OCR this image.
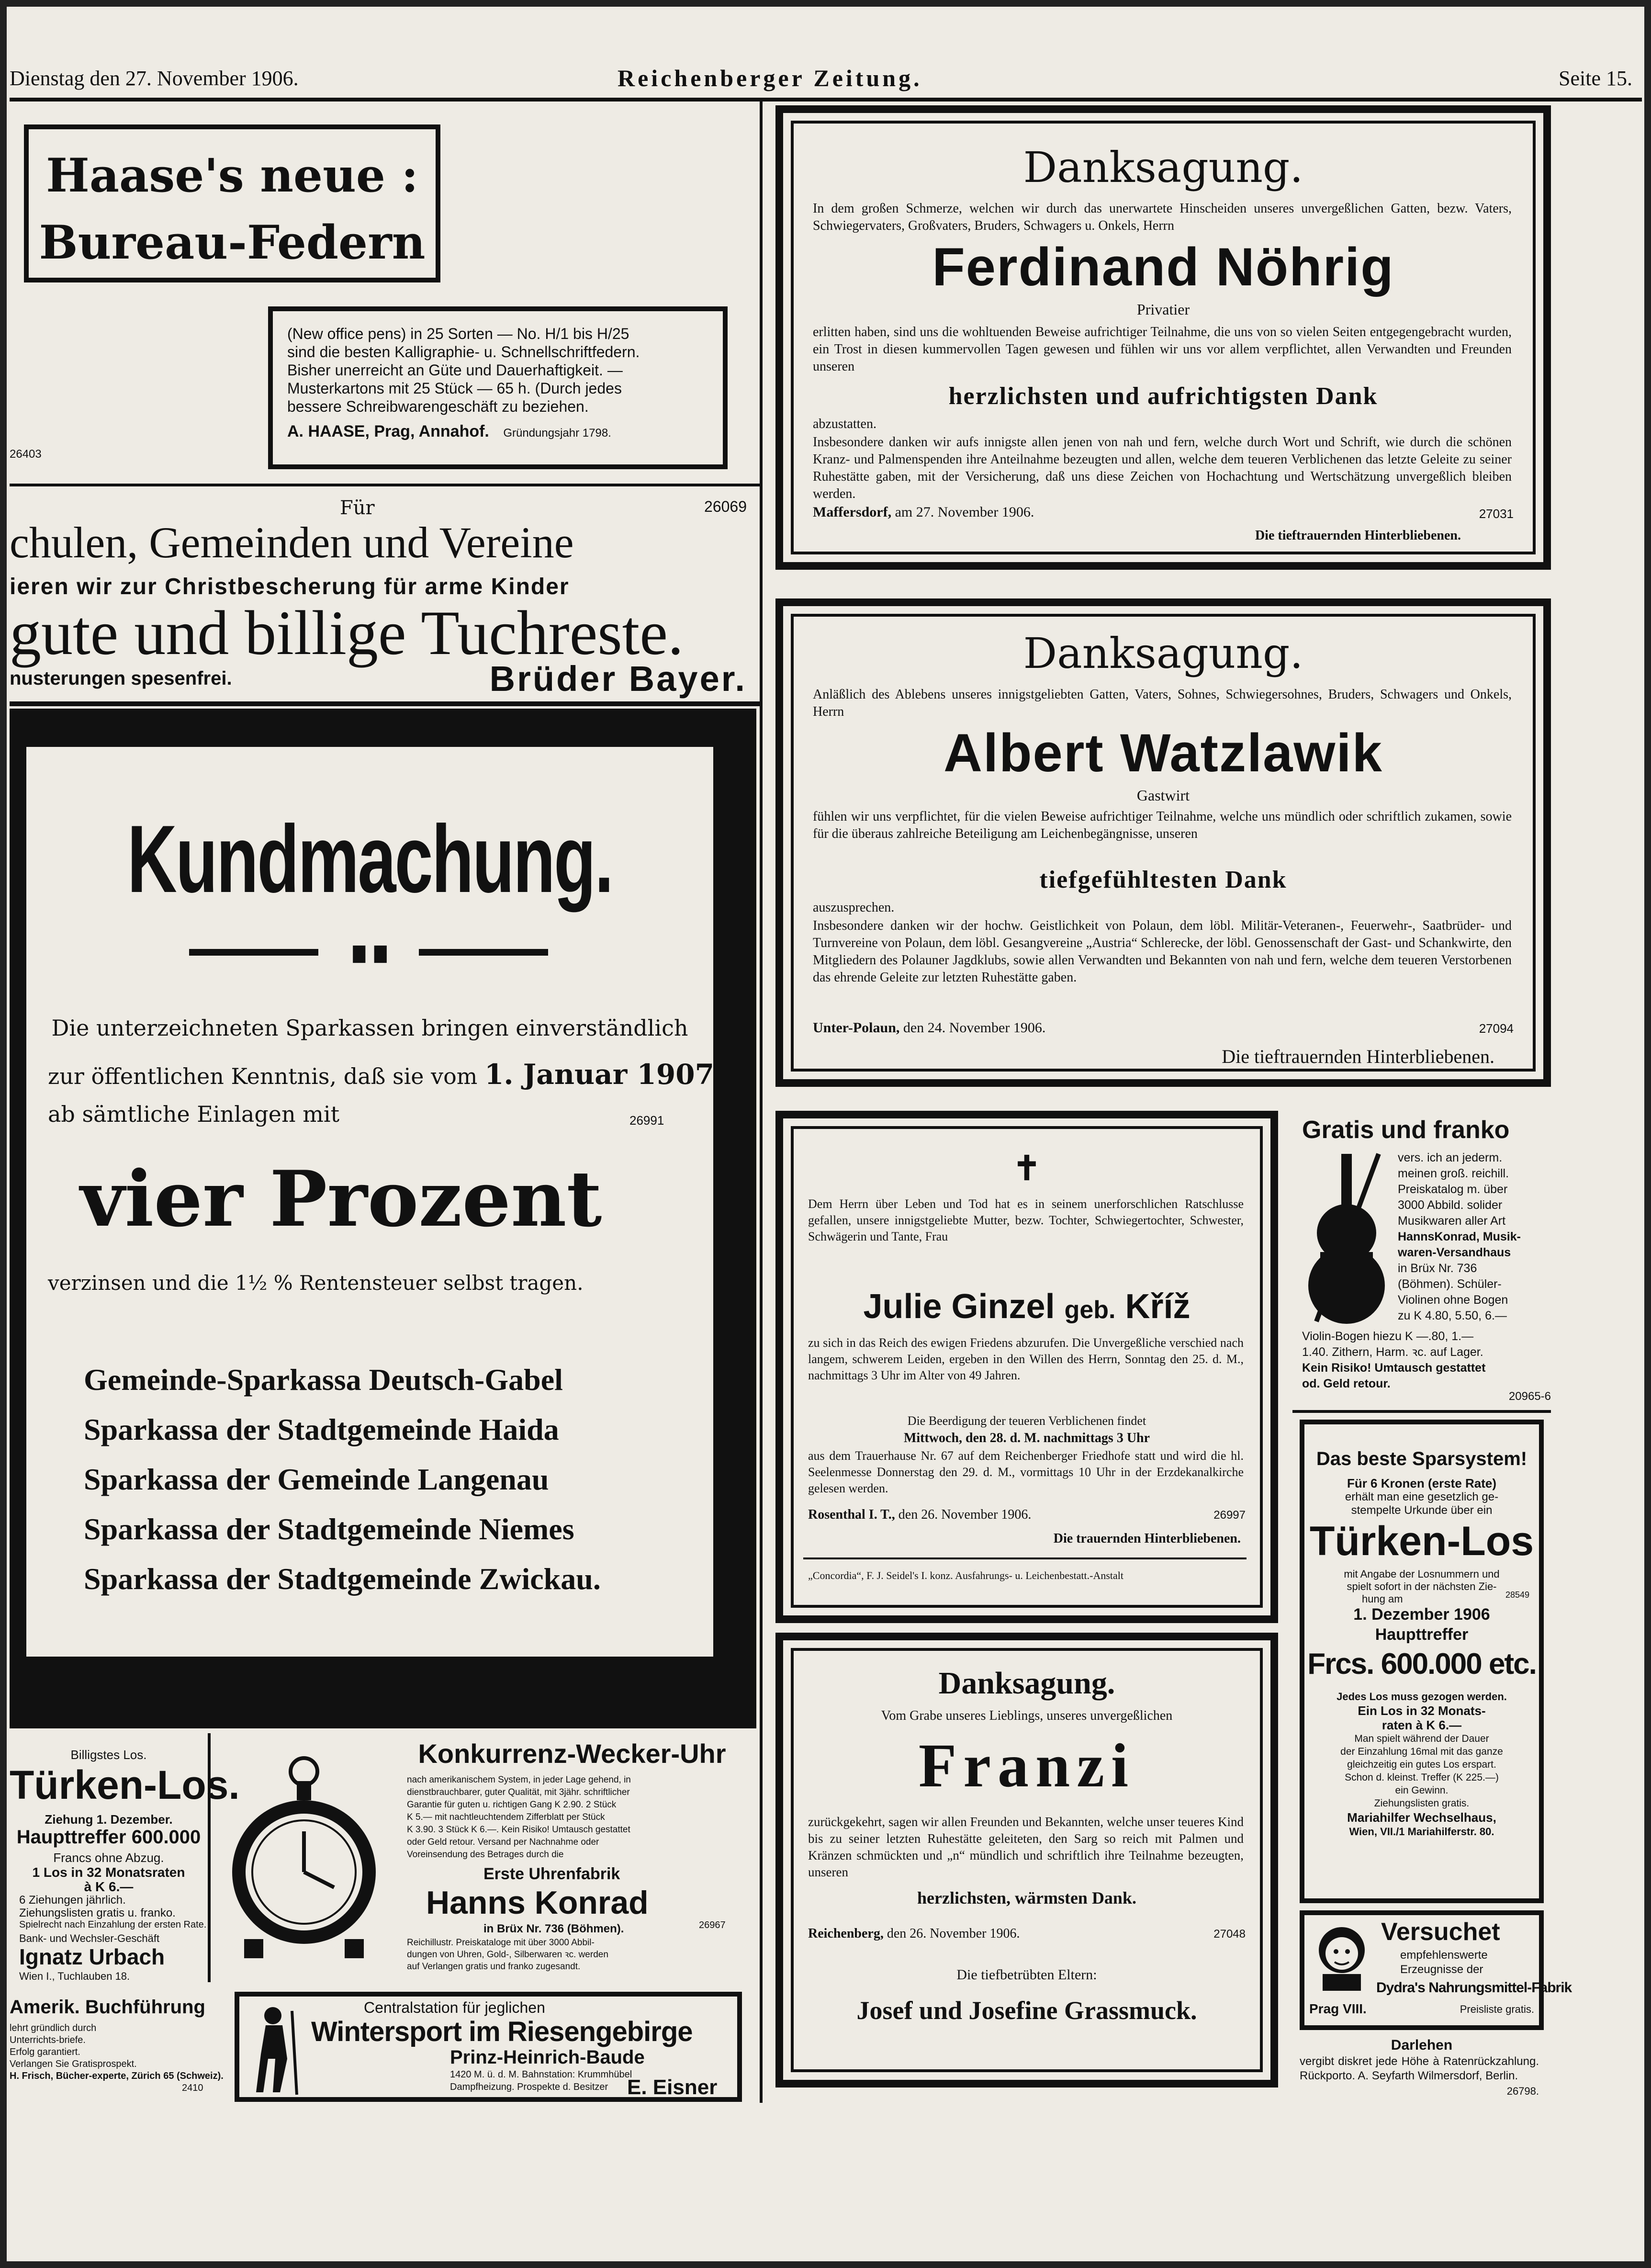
Dienstag den 27. November 1906.	Reichenberger Zeitung.	Seite 15.
Haase's neue :
Bureau-Federn
(New office pens) in 25 Sorten — No. H/1 bis H/25
sind die besten Kalligraphie- u. Schnellschriftfedern.
Bisher unerreicht an Güte und Dauerhaftigkeit. —
Musterkartons mit 25 Stück — 65 h. (Durch jedes
bessere Schreibwarengeschäft zu beziehen.
A. HAASE, Prag, Annahof. Gründungsjahr 1798.
26403
Für	26069
chulen, Gemeinden und Vereine
ieren wir zur Christbescherung für arme Kinder
gute und billige Tuchreste.
nusterungen spesenfrei.	Brüder Bayer.
Kundmachung.
∎∎
Die unterzeichneten Sparkassen bringen einverständlich
zur öffentlichen Kenntnis, daß sie vom 1. Januar 1907
ab sämtliche Einlagen mit	26991
vier Prozent
verzinsen und die 1½ % Rentensteuer selbst tragen.
Gemeinde-Sparkassa Deutsch-Gabel
Sparkassa der Stadtgemeinde Haida
Sparkassa der Gemeinde Langenau
Sparkassa der Stadtgemeinde Niemes
Sparkassa der Stadtgemeinde Zwickau.
Billigstes Los.
Türken-Los.
Ziehung 1. Dezember.
Haupttreffer 600.000
Francs ohne Abzug.
1 Los in 32 Monatsraten
à K 6.—
6 Ziehungen jährlich.
Ziehungslisten gratis u. franko.
Spielrecht nach Einzahlung der ersten Rate.
Bank- und Wechsler-Geschäft
Ignatz Urbach
Wien I., Tuchlauben 18.
Amerik. Buchführung
lehrt gründlich durch
Unterrichts-briefe.
Erfolg garantiert.
Verlangen Sie Gratisprospekt.
H. Frisch, Bücher-experte, Zürich 65 (Schweiz).
2410
Konkurrenz-Wecker-Uhr
nach amerikanischem System, in jeder Lage gehend, in
dienstbrauchbarer, guter Qualität, mit 3jähr. schriftlicher
Garantie für guten u. richtigen Gang K 2.90. 2 Stück
K 5.— mit nachtleuchtendem Zifferblatt per Stück
K 3.90. 3 Stück K 6.—. Kein Risiko! Umtausch gestattet
oder Geld retour. Versand per Nachnahme oder
Voreinsendung des Betrages durch die
Erste Uhrenfabrik
Hanns Konrad
in Brüx Nr. 736 (Böhmen).	26967
Reichillustr. Preiskataloge mit über 3000 Abbil-
dungen von Uhren, Gold-, Silberwaren ꝛc. werden
auf Verlangen gratis und franko zugesandt.
Centralstation für jeglichen
Wintersport im Riesengebirge
Prinz-Heinrich-Baude
1420 M. ü. d. M. Bahnstation: Krummhübel
Dampfheizung. Prospekte d. Besitzer E. Eisner
Danksagung.
In dem großen Schmerze, welchen wir durch das unerwartete Hinscheiden unseres unvergeßlichen Gatten, bezw. Vaters, Schwiegervaters, Großvaters, Bruders, Schwagers u. Onkels, Herrn
Ferdinand Nöhrig
Privatier
erlitten haben, sind uns die wohltuenden Beweise aufrichtiger Teilnahme, die uns von so vielen Seiten entgegengebracht wurden, ein Trost in diesen kummervollen Tagen gewesen und fühlen wir uns vor allem verpflichtet, allen Verwandten und Freunden unseren
herzlichsten und aufrichtigsten Dank
abzustatten.
Insbesondere danken wir aufs innigste allen jenen von nah und fern, welche durch Wort und Schrift, wie durch die schönen Kranz- und Palmenspenden ihre Anteilnahme bezeugten und allen, welche dem teueren Verblichenen das letzte Geleite zu seiner Ruhestätte gaben, mit der Versicherung, daß uns diese Zeichen von Hochachtung und Wertschätzung unvergeßlich bleiben werden.
Maffersdorf, am 27. November 1906.	27031
Die tieftrauernden Hinterbliebenen.
Danksagung.
Anläßlich des Ablebens unseres innigstgeliebten Gatten, Vaters, Sohnes, Schwiegersohnes, Bruders, Schwagers und Onkels, Herrn
Albert Watzlawik
Gastwirt
fühlen wir uns verpflichtet, für die vielen Beweise aufrichtiger Teilnahme, welche uns mündlich oder schriftlich zukamen, sowie für die überaus zahlreiche Beteiligung am Leichenbegängnisse, unseren
tiefgefühltesten Dank
auszusprechen.
Insbesondere danken wir der hochw. Geistlichkeit von Polaun, dem löbl. Militär-Veteranen-, Feuerwehr-, Saatbrüder- und Turnvereine von Polaun, dem löbl. Gesangvereine „Austria“ Schlerecke, der löbl. Genossenschaft der Gast- und Schankwirte, den Mitgliedern des Polauner Jagdklubs, sowie allen Verwandten und Bekannten von nah und fern, welche dem teueren Verstorbenen das ehrende Geleite zur letzten Ruhestätte gaben.
Unter-Polaun, den 24. November 1906.	27094
Die tieftrauernden Hinterbliebenen.
✝
Dem Herrn über Leben und Tod hat es in seinem unerforschlichen Ratschlusse gefallen, unsere innigstgeliebte Mutter, bezw. Tochter, Schwiegertochter, Schwester, Schwägerin und Tante, Frau
Julie Ginzel geb. Kříž
zu sich in das Reich des ewigen Friedens abzurufen. Die Unvergeßliche verschied nach langem, schwerem Leiden, ergeben in den Willen des Herrn, Sonntag den 25. d. M., nachmittags 3 Uhr im Alter von 49 Jahren.
Die Beerdigung der teueren Verblichenen findet
Mittwoch, den 28. d. M. nachmittags 3 Uhr
aus dem Trauerhause Nr. 67 auf dem Reichenberger Friedhofe statt und wird die hl. Seelenmesse Donnerstag den 29. d. M., vormittags 10 Uhr in der Erzdekanalkirche gelesen werden.
Rosenthal I. T., den 26. November 1906.	26997
Die trauernden Hinterbliebenen.
„Concordia“, F. J. Seidel's I. konz. Ausfahrungs- u. Leichenbestatt.-Anstalt
Danksagung.
Vom Grabe unseres Lieblings, unseres unvergeßlichen
Franzi
zurückgekehrt, sagen wir allen Freunden und Bekannten, welche unser teueres Kind bis zu seiner letzten Ruhestätte geleiteten, den Sarg so reich mit Palmen und Kränzen schmückten und „n“ mündlich und schriftlich ihre Teilnahme bezeugten, unseren
herzlichsten, wärmsten Dank.
Reichenberg, den 26. November 1906.	27048
Die tiefbetrübten Eltern:
Josef und Josefine Grassmuck.
Gratis und franko
vers. ich an jederm.
meinen groß. reichill.
Preiskatalog m. über
3000 Abbild. solider
Musikwaren aller Art
HannsKonrad, Musik-
waren-Versandhaus
in Brüx Nr. 736
(Böhmen). Schüler-
Violinen ohne Bogen
zu K 4.80, 5.50, 6.—
Violin-Bogen hiezu K —.80, 1.—
1.40. Zithern, Harm. ꝛc. auf Lager.
Kein Risiko! Umtausch gestattet
od. Geld retour.
20965-6
Das beste Sparsystem!
Für 6 Kronen (erste Rate)
erhält man eine gesetzlich ge-
stempelte Urkunde über ein
Türken-Los
mit Angabe der Losnummern und
spielt sofort in der nächsten Zie-
hung am	28549
1. Dezember 1906
Haupttreffer
Frcs. 600.000 etc.
Jedes Los muss gezogen werden.
Ein Los in 32 Monats-
raten à K 6.—
Man spielt während der Dauer
der Einzahlung 16mal mit das ganze
gleichzeitig ein gutes Los erspart.
Schon d. kleinst. Treffer (K 225.—)
ein Gewinn.
Ziehungslisten gratis.
Mariahilfer Wechselhaus,
Wien, VII./1 Mariahilferstr. 80.
Versuchet
empfehlenswerte
Erzeugnisse der
Dydra's Nahrungsmittel-Fabrik
Prag VIII.	Preisliste gratis.
Darlehen
vergibt diskret jede Höhe à Ratenrückzahlung. Rückporto. A. Seyfarth Wilmersdorf, Berlin.
26798.
